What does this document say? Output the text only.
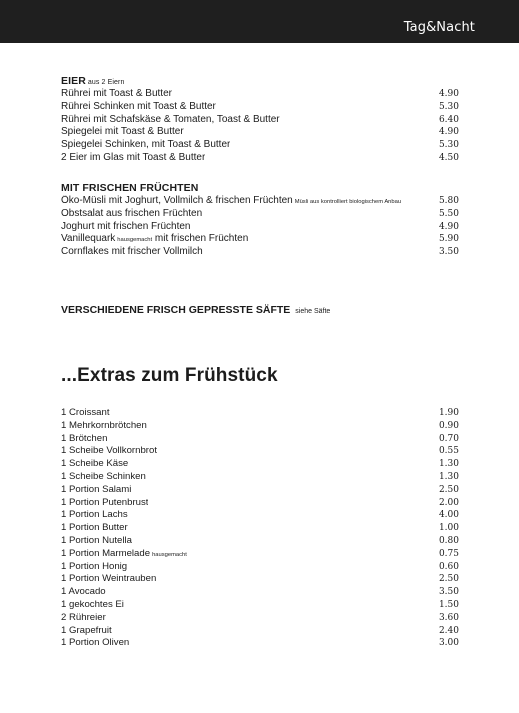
Tag&Nacht
EIER aus 2 Eiern
Rührei mit Toast & Butter	4.90
Rührei Schinken mit Toast & Butter	5.30
Rührei mit Schafskäse & Tomaten, Toast & Butter	6.40
Spiegelei mit Toast & Butter	4.90
Spiegelei Schinken, mit Toast & Butter	5.30
2 Eier im Glas mit Toast & Butter	4.50
MIT FRISCHEN FRÜCHTEN
Öko-Müsli mit Joghurt, Vollmilch & frischen Früchten Müsli aus kontrolliert biologischem Anbau	5.80
Obstsalat aus frischen Früchten	5.50
Joghurt mit frischen Früchten	4.90
Vanillequark hausgemacht mit frischen Früchten	5.90
Cornflakes mit frischer Vollmilch	3.50
VERSCHIEDENE FRISCH GEPRESSTE SÄFTE siehe Säfte
...Extras zum Frühstück
1 Croissant	1.90
1 Mehrkornbrötchen	0.90
1 Brötchen	0.70
1 Scheibe Vollkornbrot	0.55
1 Scheibe Käse	1.30
1 Scheibe Schinken	1.30
1 Portion Salami	2.50
1 Portion Putenbrust	2.00
1 Portion Lachs	4.00
1 Portion Butter	1.00
1 Portion Nutella	0.80
1 Portion Marmelade hausgemacht	0.75
1 Portion Honig	0.60
1 Portion Weintrauben	2.50
1 Avocado	3.50
1 gekochtes Ei	1.50
2 Rühreier	3.60
1 Grapefruit	2.40
1 Portion Oliven	3.00
